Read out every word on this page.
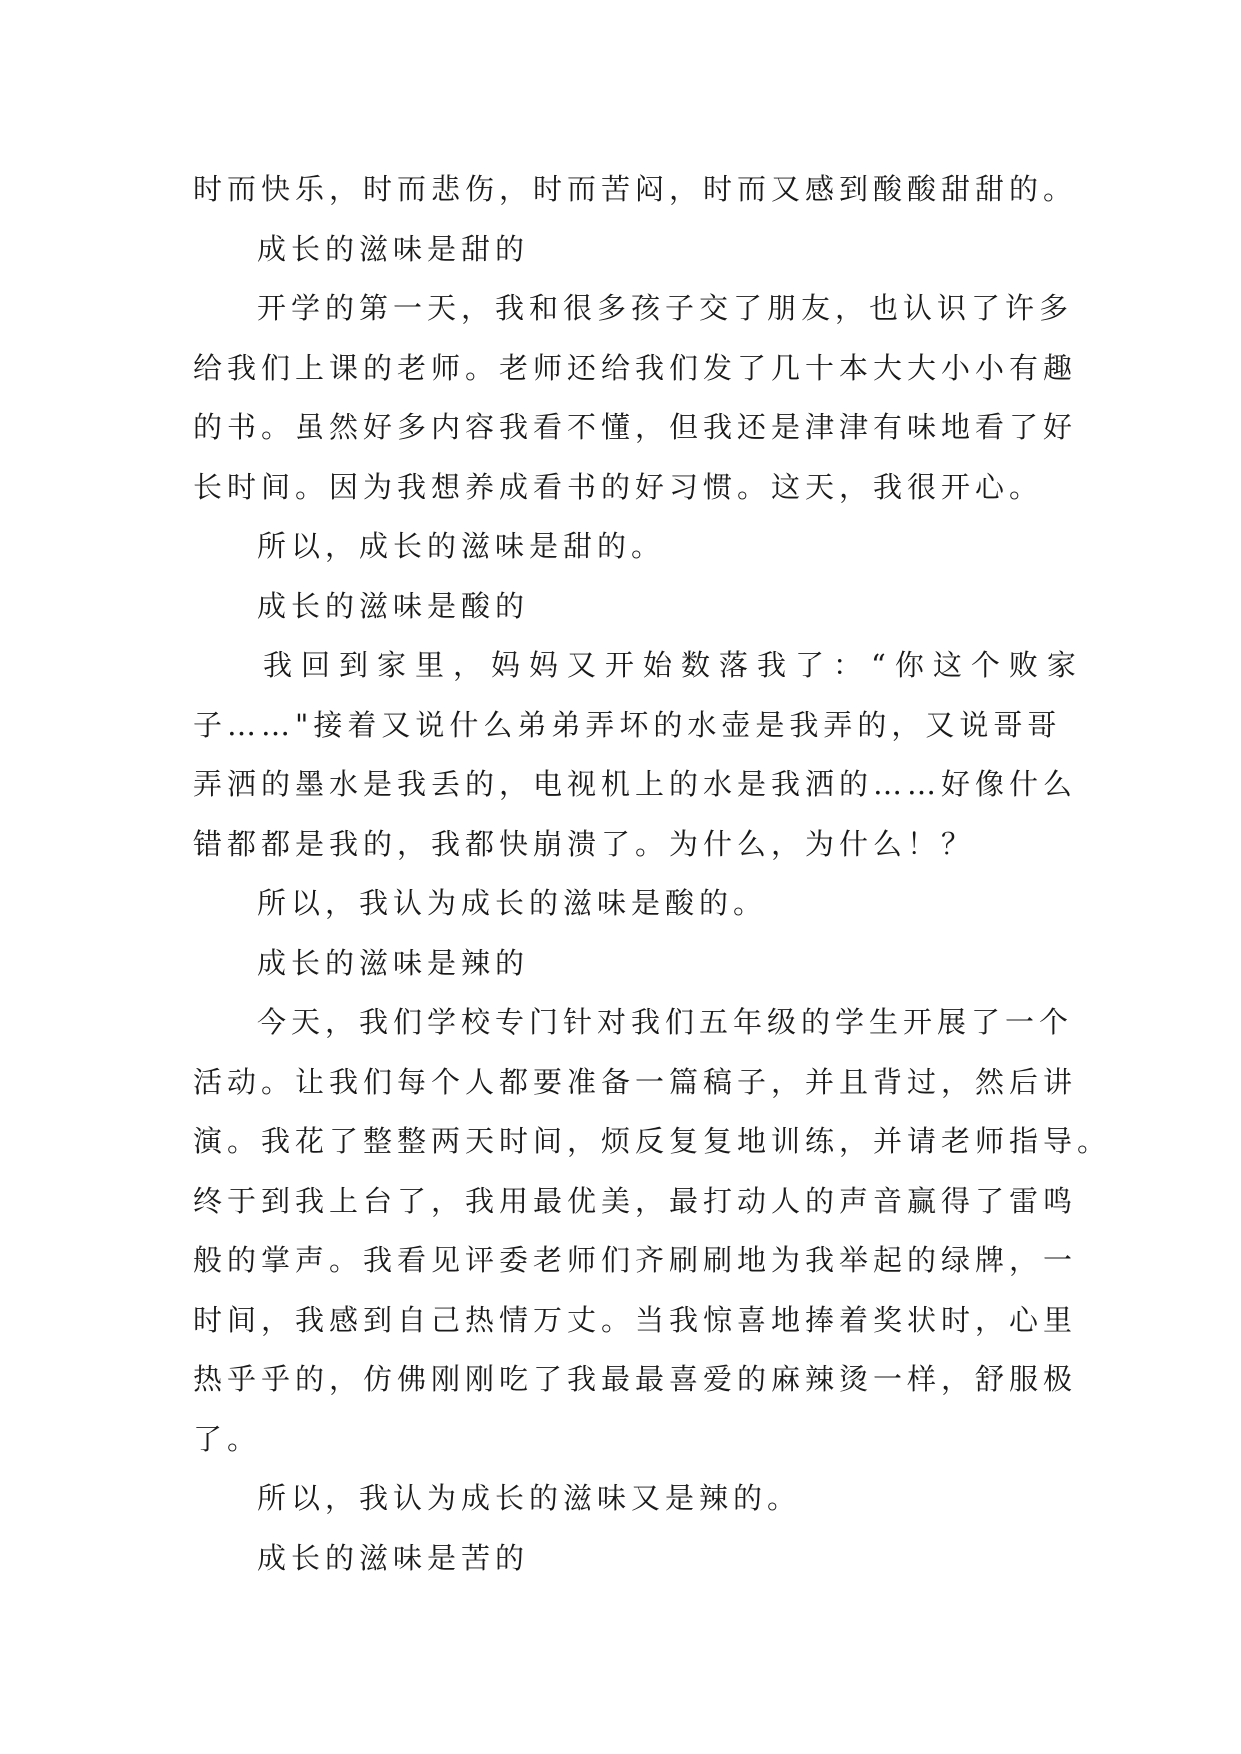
时而快乐，时而悲伤，时而苦闷，时而又感到酸酸甜甜的。
成长的滋味是甜的
开学的第一天，我和很多孩子交了朋友，也认识了许多
给我们上课的老师。老师还给我们发了几十本大大小小有趣
的书。虽然好多内容我看不懂，但我还是津津有味地看了好
长时间。因为我想养成看书的好习惯。这天，我很开心。
所以，成长的滋味是甜的。
成长的滋味是酸的
我回到家里，妈妈又开始数落我了：“你这个败家
子……"接着又说什么弟弟弄坏的水壶是我弄的，又说哥哥
弄洒的墨水是我丢的，电视机上的水是我洒的……好像什么
错都都是我的，我都快崩溃了。为什么，为什么！？
所以，我认为成长的滋味是酸的。
成长的滋味是辣的
今天，我们学校专门针对我们五年级的学生开展了一个
活动。让我们每个人都要准备一篇稿子，并且背过，然后讲
演。我花了整整两天时间，烦反复复地训练，并请老师指导。
终于到我上台了，我用最优美，最打动人的声音赢得了雷鸣
般的掌声。我看见评委老师们齐刷刷地为我举起的绿牌，一
时间，我感到自己热情万丈。当我惊喜地捧着奖状时，心里
热乎乎的，仿佛刚刚吃了我最最喜爱的麻辣烫一样，舒服极
了。
所以，我认为成长的滋味又是辣的。
成长的滋味是苦的
